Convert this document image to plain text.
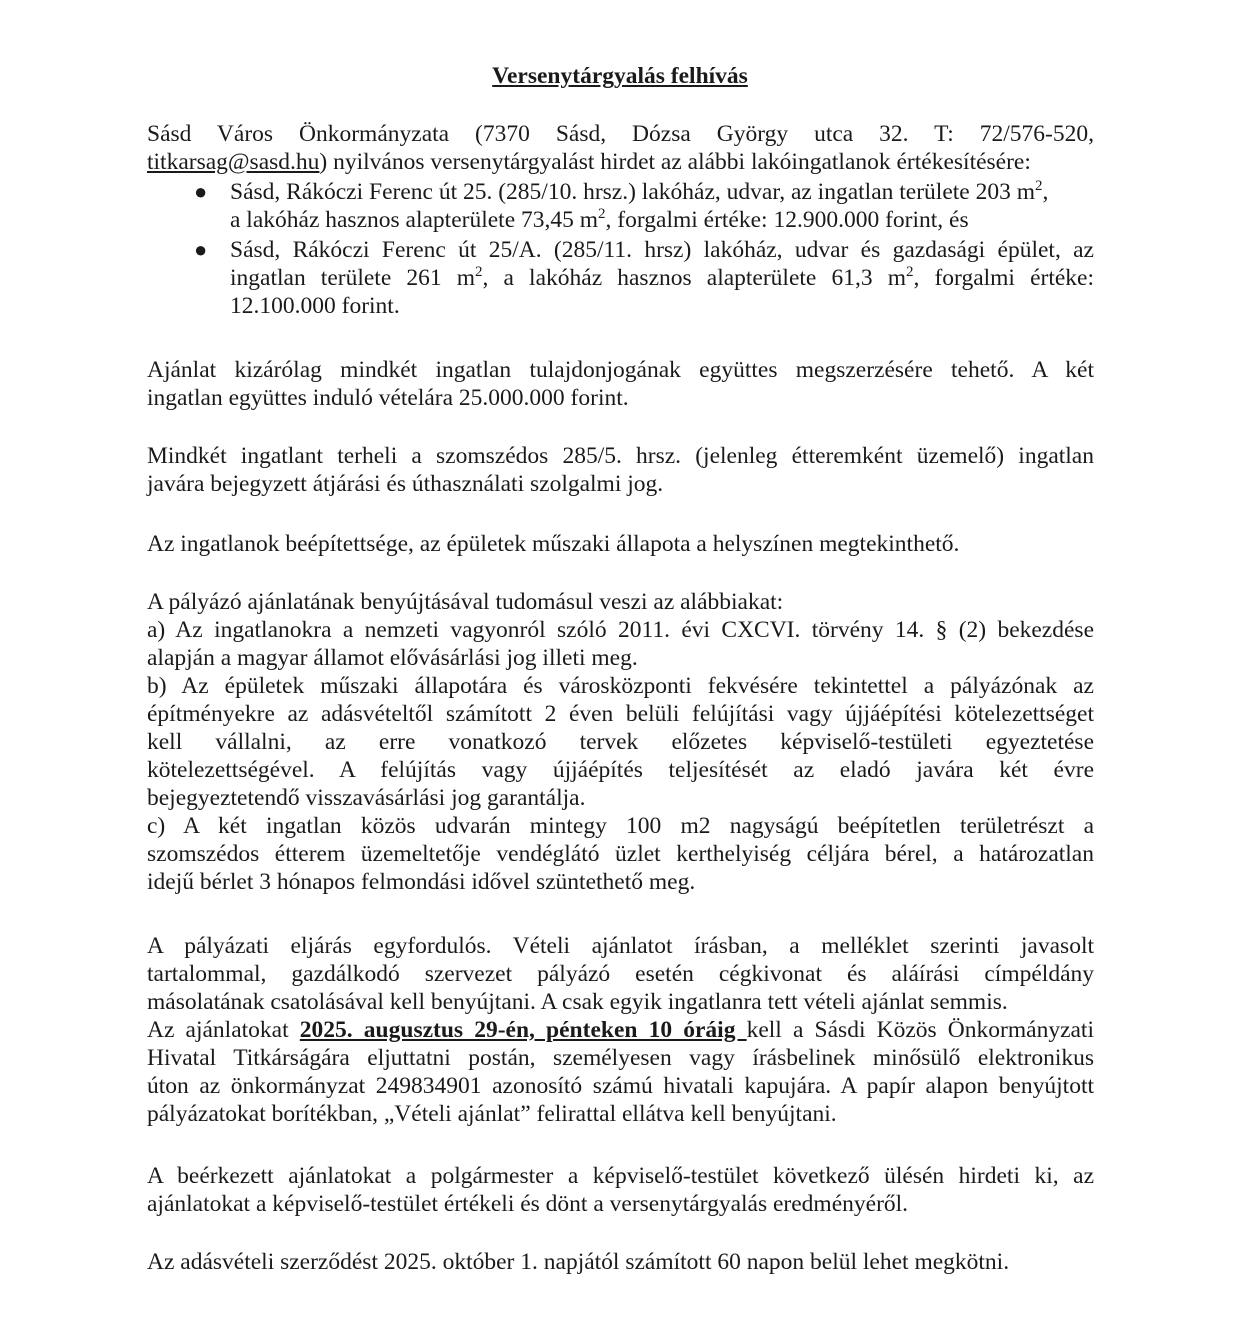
Versenytárgyalás felhívás
Sásd Város Önkormányzata (7370 Sásd, Dózsa György utca 32. T: 72/576-520,
titkarsag@sasd.hu) nyilvános versenytárgyalást hirdet az alábbi lakóingatlanok értékesítésére:
● Sásd, Rákóczi Ferenc út 25. (285/10. hrsz.) lakóház, udvar, az ingatlan területe 203 $m^2$,
a lakóház hasznos alapterülete 73,45 $m^2$, forgalmi értéke: 12.900.000 forint, és
● Sásd, Rákóczi Ferenc út 25/A. (285/11. hrsz) lakóház, udvar és gazdasági épület, az
ingatlan területe 261 $m^2$, a lakóház hasznos alapterülete 61,3 $m^2$, forgalmi értéke:
12.100.000 forint.
Ajánlat kizárólag mindkét ingatlan tulajdonjogának együttes megszerzésére tehető. A két
ingatlan együttes induló vételára 25.000.000 forint.
Mindkét ingatlant terheli a szomszédos 285/5. hrsz. (jelenleg étteremként üzemelő) ingatlan
javára bejegyzett átjárási és úthasználati szolgalmi jog.
Az ingatlanok beépítettsége, az épületek műszaki állapota a helyszínen megtekinthető.
A pályázó ajánlatának benyújtásával tudomásul veszi az alábbiakat:
a) Az ingatlanokra a nemzeti vagyonról szóló 2011. évi CXCVI. törvény 14. § (2) bekezdése
alapján a magyar államot elővásárlási jog illeti meg.
b) Az épületek műszaki állapotára és városközponti fekvésére tekintettel a pályázónak az
építményekre az adásvételtől számított 2 éven belüli felújítási vagy újjáépítési kötelezettséget
kell vállalni, az erre vonatkozó tervek előzetes képviselő-testületi egyeztetése
kötelezettségével. A felújítás vagy újjáépítés teljesítését az eladó javára két évre
bejegyeztetendő visszavásárlási jog garantálja.
c) A két ingatlan közös udvarán mintegy 100 m2 nagyságú beépítetlen területrészt a
szomszédos étterem üzemeltetője vendéglátó üzlet kerthelyiség céljára bérel, a határozatlan
idejű bérlet 3 hónapos felmondási idővel szüntethető meg.
A pályázati eljárás egyfordulós. Vételi ajánlatot írásban, a melléklet szerinti javasolt
tartalommal, gazdálkodó szervezet pályázó esetén cégkivonat és aláírási címpéldány
másolatának csatolásával kell benyújtani. A csak egyik ingatlanra tett vételi ajánlat semmis.
Az ajánlatokat 2025. augusztus 29-én, pénteken 10 óráig kell a Sásdi Közös Önkormányzati
Hivatal Titkárságára eljuttatni postán, személyesen vagy írásbelinek minősülő elektronikus
úton az önkormányzat 249834901 azonosító számú hivatali kapujára. A papír alapon benyújtott
pályázatokat borítékban, „Vételi ajánlat” felirattal ellátva kell benyújtani.
A beérkezett ajánlatokat a polgármester a képviselő-testület következő ülésén hirdeti ki, az
ajánlatokat a képviselő-testület értékeli és dönt a versenytárgyalás eredményéről.
Az adásvételi szerződést 2025. október 1. napjától számított 60 napon belül lehet megkötni.
